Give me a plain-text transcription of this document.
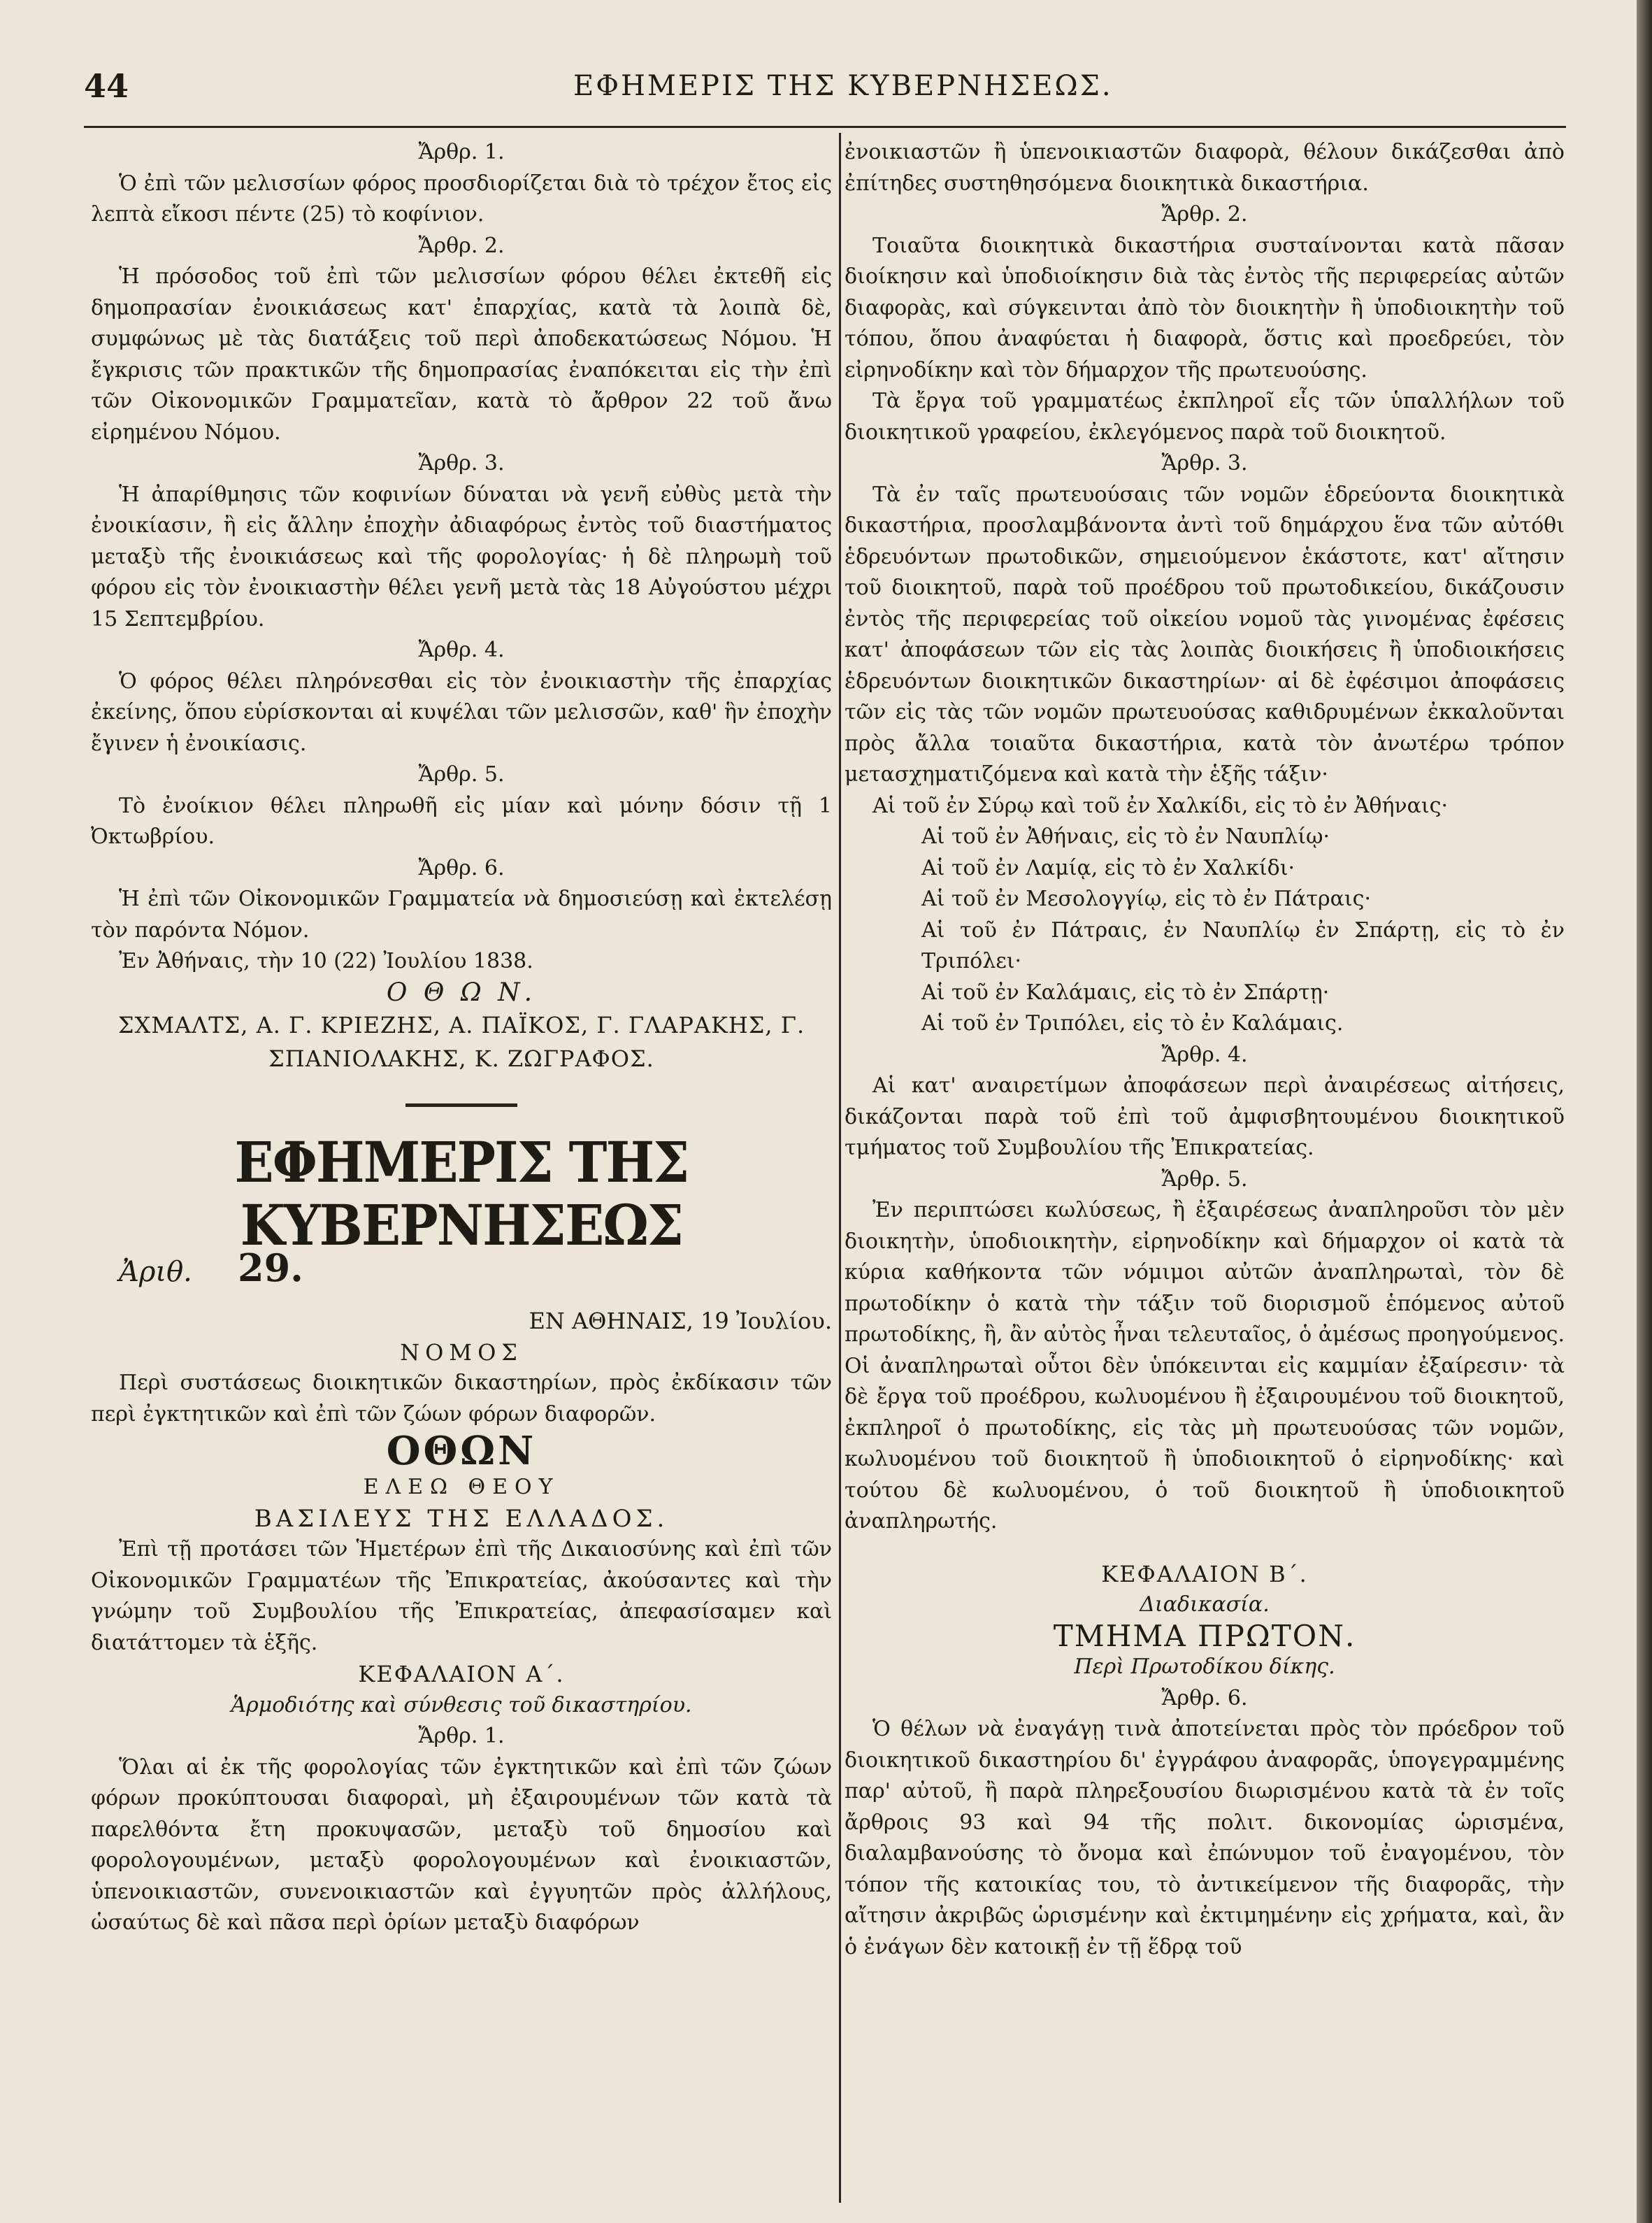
44	ΕΦΗΜΕΡΙΣ ΤΗΣ ΚΥΒΕΡΝΗΣΕΩΣ.

Ἄρθρ. 1.

Ὁ ἐπὶ τῶν μελισσίων φόρος προσδιορίζεται διὰ τὸ τρέχον ἔτος εἰς λεπτὰ εἴκοσι πέντε (25) τὸ κοφίνιον.

Ἄρθρ. 2.

Ἡ πρόσοδος τοῦ ἐπὶ τῶν μελισσίων φόρου θέλει ἐκτεθῆ εἰς δημοπρασίαν ἐνοικιάσεως κατ' ἐπαρχίας, κατὰ τὰ λοιπὰ δὲ, συμφώνως μὲ τὰς διατάξεις τοῦ περὶ ἀποδεκατώσεως Νόμου. Ἡ ἔγκρισις τῶν πρακτικῶν τῆς δημοπρασίας ἐναπόκειται εἰς τὴν ἐπὶ τῶν Οἰκονομικῶν Γραμματεῖαν, κατὰ τὸ ἄρθρον 22 τοῦ ἄνω εἰρημένου Νόμου.

Ἄρθρ. 3.

Ἡ ἀπαρίθμησις τῶν κοφινίων δύναται νὰ γενῆ εὐθὺς μετὰ τὴν ἐνοικίασιν, ἢ εἰς ἄλλην ἐποχὴν ἀδιαφόρως ἐντὸς τοῦ διαστήματος μεταξὺ τῆς ἐνοικιάσεως καὶ τῆς φορολογίας· ἡ δὲ πληρωμὴ τοῦ φόρου εἰς τὸν ἐνοικιαστὴν θέλει γενῆ μετὰ τὰς 18 Αὐγούστου μέχρι 15 Σεπτεμβρίου.

Ἄρθρ. 4.

Ὁ φόρος θέλει πληρόνεσθαι εἰς τὸν ἐνοικιαστὴν τῆς ἐπαρχίας ἐκείνης, ὅπου εὑρίσκονται αἱ κυψέλαι τῶν μελισσῶν, καθ' ἣν ἐποχὴν ἔγινεν ἡ ἐνοικίασις.

Ἄρθρ. 5.

Τὸ ἐνοίκιον θέλει πληρωθῆ εἰς μίαν καὶ μόνην δόσιν τῇ 1 Ὀκτωβρίου.

Ἄρθρ. 6.

Ἡ ἐπὶ τῶν Οἰκονομικῶν Γραμματεία νὰ δημοσιεύσῃ καὶ ἐκτελέσῃ τὸν παρόντα Νόμον.

Ἐν Ἀθήναις, τὴν 10 (22) Ἰουλίου 1838.

Ο Θ Ω Ν.

ΣΧΜΑΛΤΣ, Α. Γ. ΚΡΙΕΖΗΣ, Α. ΠΑΪΚΟΣ, Γ. ΓΛΑΡΑΚΗΣ, Γ. ΣΠΑΝΙΟΛΑΚΗΣ, Κ. ΖΩΓΡΑΦΟΣ.

ΕΦΗΜΕΡΙΣ ΤΗΣ ΚΥΒΕΡΝΗΣΕΩΣ

Ἀριθ. 29.

ΕΝ ΑΘΗΝΑΙΣ, 19 Ἰουλίου.

ΝΟΜΟΣ

Περὶ συστάσεως διοικητικῶν δικαστηρίων, πρὸς ἐκδίκασιν τῶν περὶ ἐγκτητικῶν καὶ ἐπὶ τῶν ζώων φόρων διαφορῶν.

ΟΘΩΝ

ΕΛΕΩ ΘΕΟΥ

ΒΑΣΙΛΕΥΣ ΤΗΣ ΕΛΛΑΔΟΣ.

Ἐπὶ τῇ προτάσει τῶν Ἡμετέρων ἐπὶ τῆς Δικαιοσύνης καὶ ἐπὶ τῶν Οἰκονομικῶν Γραμματέων τῆς Ἐπικρατείας, ἀκούσαντες καὶ τὴν γνώμην τοῦ Συμβουλίου τῆς Ἐπικρατείας, ἀπεφασίσαμεν καὶ διατάττομεν τὰ ἑξῆς.

ΚΕΦΑΛΑΙΟΝ Α΄.

Ἁρμοδιότης καὶ σύνθεσις τοῦ δικαστηρίου.

Ἄρθρ. 1.

Ὅλαι αἱ ἐκ τῆς φορολογίας τῶν ἐγκτητικῶν καὶ ἐπὶ τῶν ζώων φόρων προκύπτουσαι διαφοραὶ, μὴ ἐξαιρουμένων τῶν κατὰ τὰ παρελθόντα ἔτη προκυψασῶν, μεταξὺ τοῦ δημοσίου καὶ φορολογουμένων, μεταξὺ φορολογουμένων καὶ ἐνοικιαστῶν, ὑπενοικιαστῶν, συνενοικιαστῶν καὶ ἐγγυητῶν πρὸς ἀλλήλους, ὡσαύτως δὲ καὶ πᾶσα περὶ ὁρίων μεταξὺ διαφόρων

ἐνοικιαστῶν ἢ ὑπενοικιαστῶν διαφορὰ, θέλουν δικάζεσθαι ἀπὸ ἐπίτηδες συστηθησόμενα διοικητικὰ δικαστήρια.

Ἄρθρ. 2.

Τοιαῦτα διοικητικὰ δικαστήρια συσταίνονται κατὰ πᾶσαν διοίκησιν καὶ ὑποδιοίκησιν διὰ τὰς ἐντὸς τῆς περιφερείας αὐτῶν διαφορὰς, καὶ σύγκεινται ἀπὸ τὸν διοικητὴν ἢ ὑποδιοικητὴν τοῦ τόπου, ὅπου ἀναφύεται ἡ διαφορὰ, ὅστις καὶ προεδρεύει, τὸν εἰρηνοδίκην καὶ τὸν δήμαρχον τῆς πρωτευούσης.

Τὰ ἔργα τοῦ γραμματέως ἐκπληροῖ εἷς τῶν ὑπαλλήλων τοῦ διοικητικοῦ γραφείου, ἐκλεγόμενος παρὰ τοῦ διοικητοῦ.

Ἄρθρ. 3.

Τὰ ἐν ταῖς πρωτευούσαις τῶν νομῶν ἑδρεύοντα διοικητικὰ δικαστήρια, προσλαμβάνοντα ἀντὶ τοῦ δημάρχου ἕνα τῶν αὐτόθι ἑδρευόντων πρωτοδικῶν, σημειούμενον ἑκάστοτε, κατ' αἴτησιν τοῦ διοικητοῦ, παρὰ τοῦ προέδρου τοῦ πρωτοδικείου, δικάζουσιν ἐντὸς τῆς περιφερείας τοῦ οἰκείου νομοῦ τὰς γινομένας ἐφέσεις κατ' ἀποφάσεων τῶν εἰς τὰς λοιπὰς διοικήσεις ἢ ὑποδιοικήσεις ἑδρευόντων διοικητικῶν δικαστηρίων· αἱ δὲ ἐφέσιμοι ἀποφάσεις τῶν εἰς τὰς τῶν νομῶν πρωτευούσας καθιδρυμένων ἐκκαλοῦνται πρὸς ἄλλα τοιαῦτα δικαστήρια, κατὰ τὸν ἀνωτέρω τρόπον μετασχηματιζόμενα καὶ κατὰ τὴν ἑξῆς τάξιν·

Αἱ τοῦ ἐν Σύρῳ καὶ τοῦ ἐν Χαλκίδι, εἰς τὸ ἐν Ἀθήναις·

Αἱ τοῦ ἐν Ἀθήναις, εἰς τὸ ἐν Ναυπλίῳ·

Αἱ τοῦ ἐν Λαμίᾳ, εἰς τὸ ἐν Χαλκίδι·

Αἱ τοῦ ἐν Μεσολογγίῳ, εἰς τὸ ἐν Πάτραις·

Αἱ τοῦ ἐν Πάτραις, ἐν Ναυπλίῳ ἐν Σπάρτῃ, εἰς τὸ ἐν Τριπόλει·

Αἱ τοῦ ἐν Καλάμαις, εἰς τὸ ἐν Σπάρτῃ·

Αἱ τοῦ ἐν Τριπόλει, εἰς τὸ ἐν Καλάμαις.

Ἄρθρ. 4.

Αἱ κατ' αναιρετίμων ἀποφάσεων περὶ ἀναιρέσεως αἰτήσεις, δικάζονται παρὰ τοῦ ἐπὶ τοῦ ἀμφισβητουμένου διοικητικοῦ τμήματος τοῦ Συμβουλίου τῆς Ἐπικρατείας.

Ἄρθρ. 5.

Ἐν περιπτώσει κωλύσεως, ἢ ἐξαιρέσεως ἀναπληροῦσι τὸν μὲν διοικητὴν, ὑποδιοικητὴν, εἰρηνοδίκην καὶ δήμαρχον οἱ κατὰ τὰ κύρια καθήκοντα τῶν νόμιμοι αὐτῶν ἀναπληρωταὶ, τὸν δὲ πρωτοδίκην ὁ κατὰ τὴν τάξιν τοῦ διορισμοῦ ἑπόμενος αὐτοῦ πρωτοδίκης, ἢ, ἂν αὐτὸς ἦναι τελευταῖος, ὁ ἀμέσως προηγούμενος. Οἱ ἀναπληρωταὶ οὗτοι δὲν ὑπόκεινται εἰς καμμίαν ἐξαίρεσιν· τὰ δὲ ἔργα τοῦ προέδρου, κωλυομένου ἢ ἐξαιρουμένου τοῦ διοικητοῦ, ἐκπληροῖ ὁ πρωτοδίκης, εἰς τὰς μὴ πρωτευούσας τῶν νομῶν, κωλυομένου τοῦ διοικητοῦ ἢ ὑποδιοικητοῦ ὁ εἰρηνοδίκης· καὶ τούτου δὲ κωλυομένου, ὁ τοῦ διοικητοῦ ἢ ὑποδιοικητοῦ ἀναπληρωτής.

ΚΕΦΑΛΑΙΟΝ Β΄.

Διαδικασία.

ΤΜΗΜΑ ΠΡΩΤΟΝ.

Περὶ Πρωτοδίκου δίκης.

Ἄρθρ. 6.

Ὁ θέλων νὰ ἐναγάγῃ τινὰ ἀποτείνεται πρὸς τὸν πρόεδρον τοῦ διοικητικοῦ δικαστηρίου δι' ἐγγράφου ἀναφορᾶς, ὑπογεγραμμένης παρ' αὐτοῦ, ἢ παρὰ πληρεξουσίου διωρισμένου κατὰ τὰ ἐν τοῖς ἄρθροις 93 καὶ 94 τῆς πολιτ. δικονομίας ὡρισμένα, διαλαμβανούσης τὸ ὄνομα καὶ ἐπώνυμον τοῦ ἐναγομένου, τὸν τόπον τῆς κατοικίας του, τὸ ἀντικείμενον τῆς διαφορᾶς, τὴν αἴτησιν ἀκριβῶς ὡρισμένην καὶ ἐκτιμημένην εἰς χρήματα, καὶ, ἂν ὁ ἐνάγων δὲν κατοικῇ ἐν τῇ ἕδρᾳ τοῦ
